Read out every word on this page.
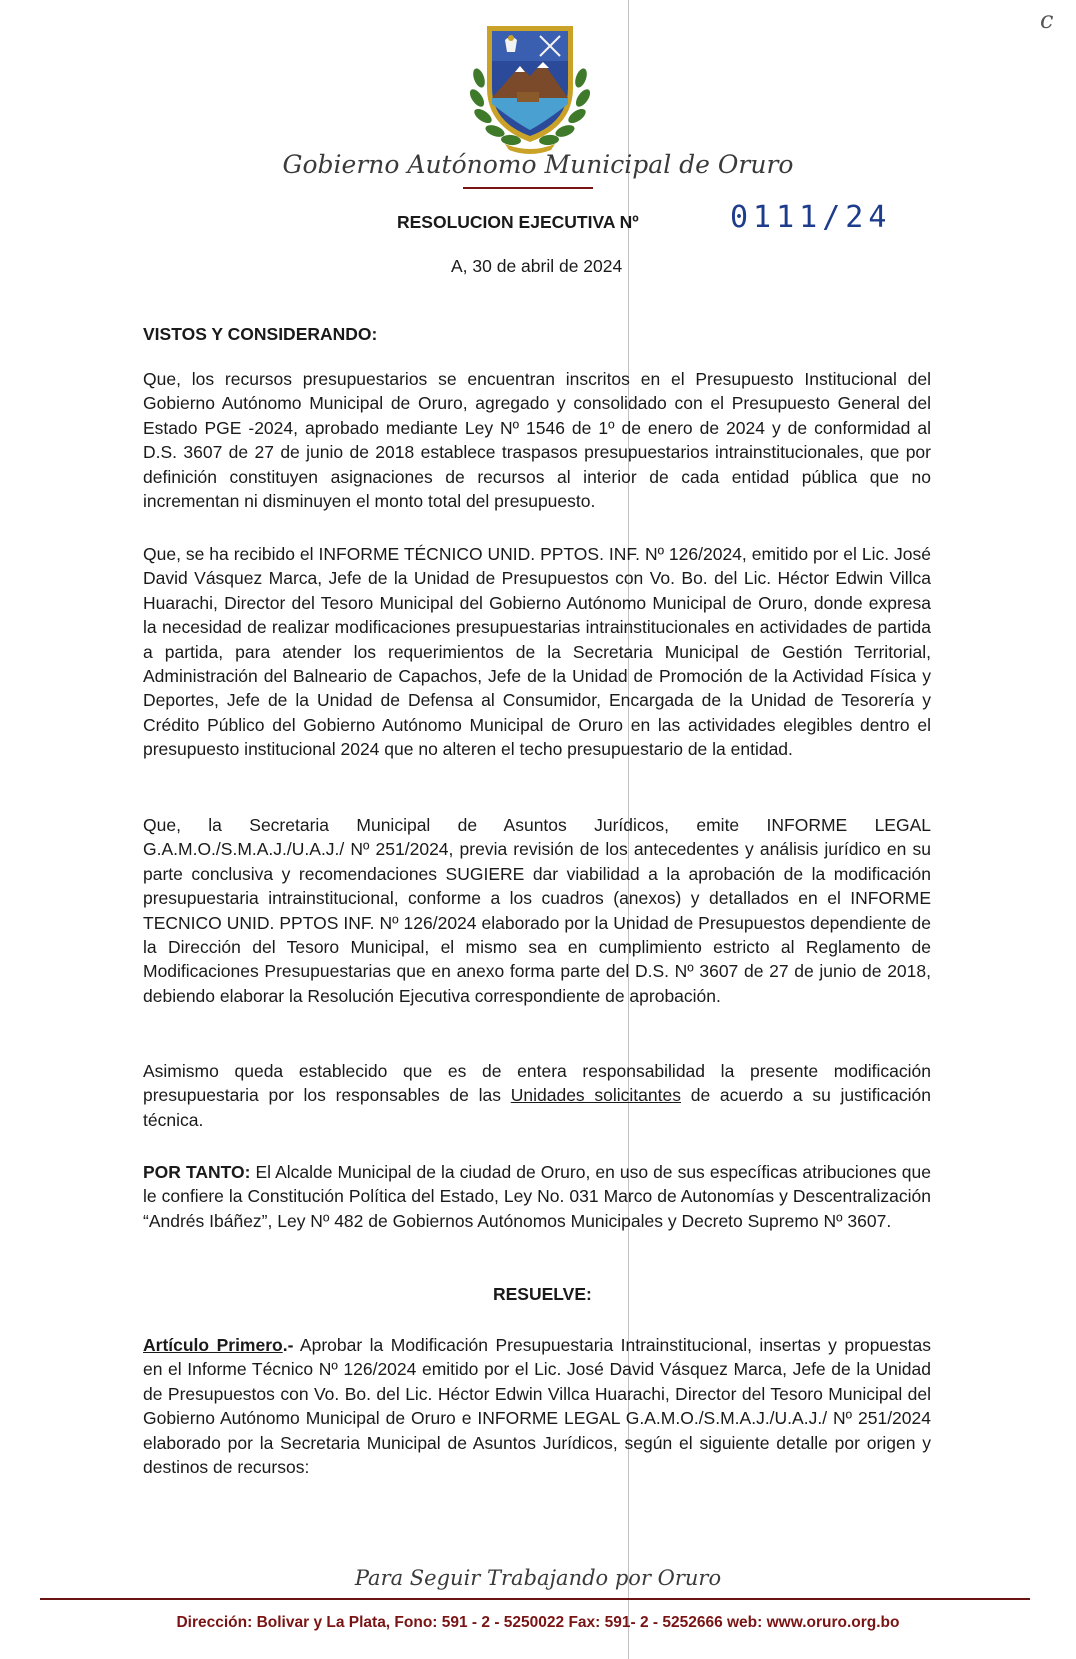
c
Gobierno Autónomo Municipal de Oruro
RESOLUCION EJECUTIVA Nº	0111/24
A, 30 de abril de 2024
VISTOS Y CONSIDERANDO:

Que, los recursos presupuestarios se encuentran inscritos en el Presupuesto Institucional del Gobierno Autónomo Municipal de Oruro, agregado y consolidado con el Presupuesto General del Estado PGE -2024, aprobado mediante Ley Nº 1546 de 1º de enero de 2024 y de conformidad al D.S. 3607 de 27 de junio de 2018 establece traspasos presupuestarios intrainstitucionales, que por definición constituyen asignaciones de recursos al interior de cada entidad pública que no incrementan ni disminuyen el monto total del presupuesto.

Que, se ha recibido el INFORME TÉCNICO UNID. PPTOS. INF. Nº 126/2024, emitido por el Lic. José David Vásquez Marca, Jefe de la Unidad de Presupuestos con Vo. Bo. del Lic. Héctor Edwin Villca Huarachi, Director del Tesoro Municipal del Gobierno Autónomo Municipal de Oruro, donde expresa la necesidad de realizar modificaciones presupuestarias intrainstitucionales en actividades de partida a partida, para atender los requerimientos de la Secretaria Municipal de Gestión Territorial, Administración del Balneario de Capachos, Jefe de la Unidad de Promoción de la Actividad Física y Deportes, Jefe de la Unidad de Defensa al Consumidor, Encargada de la Unidad de Tesorería y Crédito Público del Gobierno Autónomo Municipal de Oruro en las actividades elegibles dentro el presupuesto institucional 2024 que no alteren el techo presupuestario de la entidad.

Que, la Secretaria Municipal de Asuntos Jurídicos, emite INFORME LEGAL G.A.M.O./S.M.A.J./U.A.J./ Nº 251/2024, previa revisión de los antecedentes y análisis jurídico en su parte conclusiva y recomendaciones SUGIERE dar viabilidad a la aprobación de la modificación presupuestaria intrainstitucional, conforme a los cuadros (anexos) y detallados en el INFORME TECNICO UNID. PPTOS INF. Nº 126/2024 elaborado por la Unidad de Presupuestos dependiente de la Dirección del Tesoro Municipal, el mismo sea en cumplimiento estricto al Reglamento de Modificaciones Presupuestarias que en anexo forma parte del D.S. Nº 3607 de 27 de junio de 2018, debiendo elaborar la Resolución Ejecutiva correspondiente de aprobación.

Asimismo queda establecido que es de entera responsabilidad la presente modificación presupuestaria por los responsables de las Unidades solicitantes de acuerdo a su justificación técnica.

POR TANTO: El Alcalde Municipal de la ciudad de Oruro, en uso de sus específicas atribuciones que le confiere la Constitución Política del Estado, Ley No. 031 Marco de Autonomías y Descentralización “Andrés Ibáñez”, Ley Nº 482 de Gobiernos Autónomos Municipales y Decreto Supremo Nº 3607.

RESUELVE:

Artículo Primero.- Aprobar la Modificación Presupuestaria Intrainstitucional, insertas y propuestas en el Informe Técnico Nº 126/2024 emitido por el Lic. José David Vásquez Marca, Jefe de la Unidad de Presupuestos con Vo. Bo. del Lic. Héctor Edwin Villca Huarachi, Director del Tesoro Municipal del Gobierno Autónomo Municipal de Oruro e INFORME LEGAL G.A.M.O./S.M.A.J./U.A.J./ Nº 251/2024 elaborado por la Secretaria Municipal de Asuntos Jurídicos, según el siguiente detalle por origen y destinos de recursos:

Para Seguir Trabajando por Oruro
Dirección: Bolivar y La Plata, Fono: 591 - 2 - 5250022 Fax: 591- 2 - 5252666 web: www.oruro.org.bo
